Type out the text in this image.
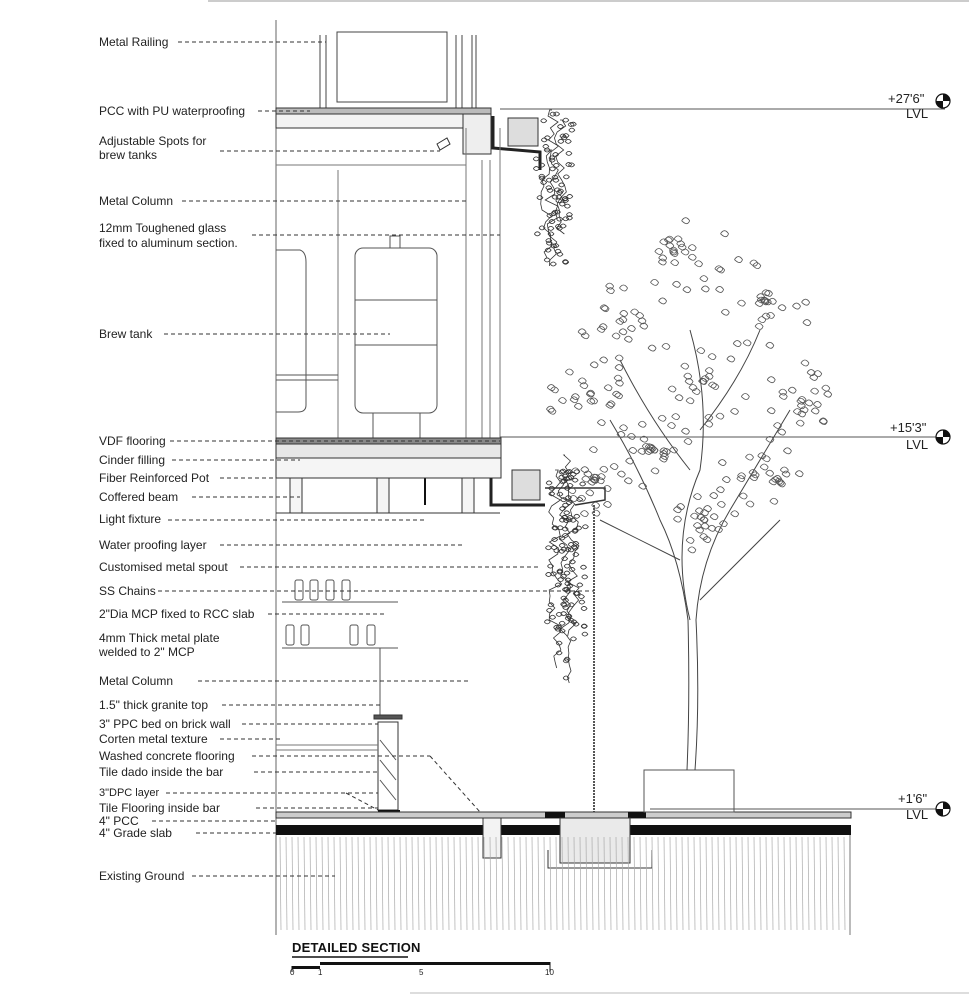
Metal Railing
PCC with PU waterproofing
Adjustable Spots for
brew tanks
Metal Column
12mm Toughened glass
fixed to aluminum section.
Brew tank
VDF flooring
Cinder filling
Fiber Reinforced Pot
Coffered beam
Light fixture
Water proofing layer
Customised metal spout
SS Chains
2"Dia MCP fixed to RCC slab
4mm Thick metal plate
welded to 2" MCP
Metal Column
1.5" thick granite top
3" PPC bed on brick wall
Corten metal texture
Washed concrete flooring
Tile dado inside the bar
3"DPC layer
Tile Flooring inside bar
4" PCC
4" Grade slab
Existing Ground
+27'6"
LVL
+15'3"
LVL
+1'6"
LVL
DETAILED SECTION
0	1	5	10
